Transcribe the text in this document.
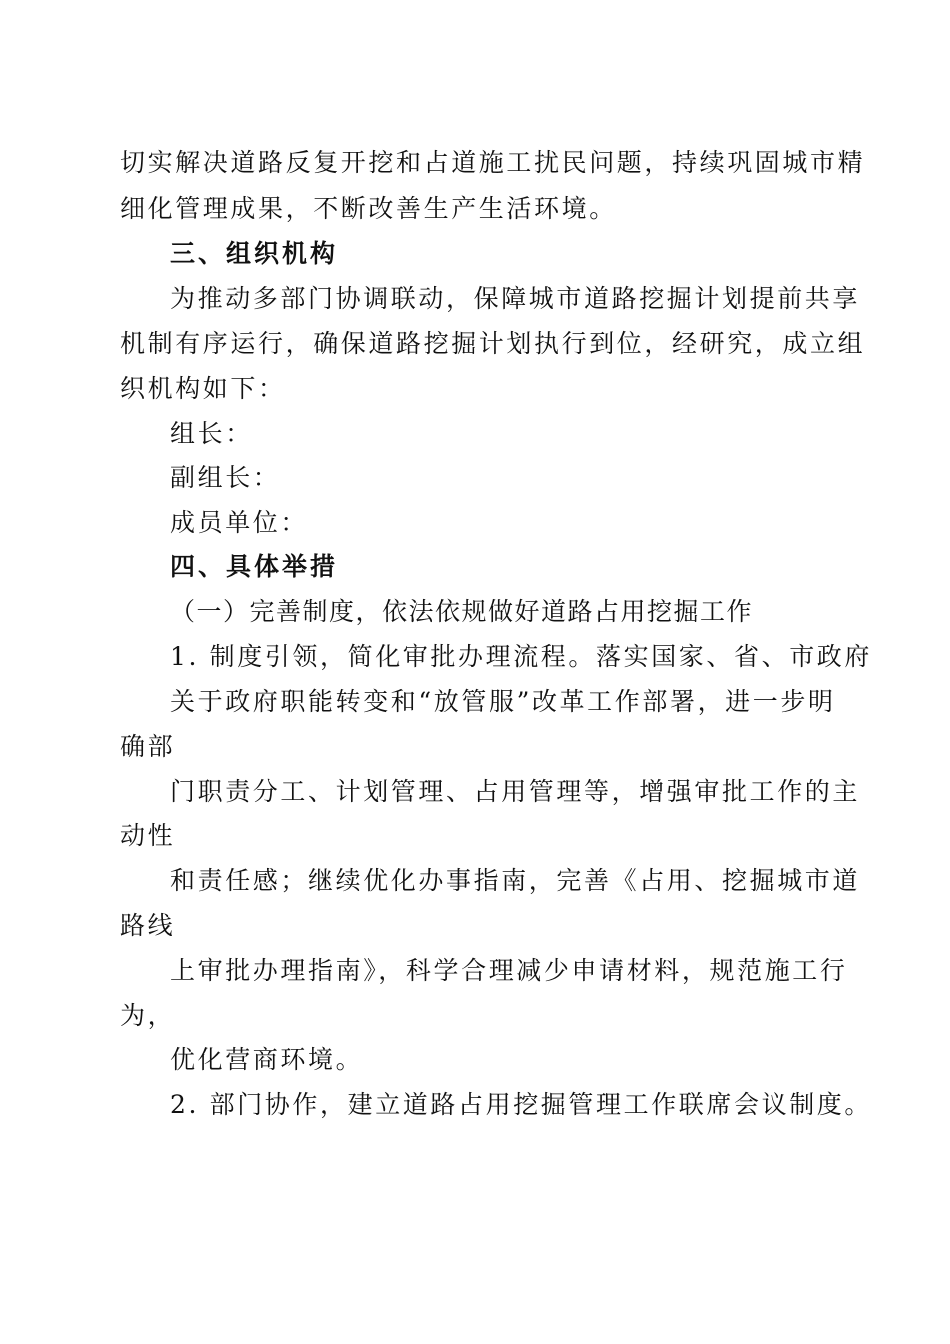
切实解决道路反复开挖和占道施工扰民问题，持续巩固城市精
细化管理成果，不断改善生产生活环境。
三、组织机构
为推动多部门协调联动，保障城市道路挖掘计划提前共享
机制有序运行，确保道路挖掘计划执行到位，经研究，成立组
织机构如下：
组长：
副组长：
成员单位：
四、具体举措
（一）完善制度，依法依规做好道路占用挖掘工作
1. 制度引领，简化审批办理流程。落实国家、省、市政府
关于政府职能转变和“放管服”改革工作部署，进一步明
确部
门职责分工、计划管理、占用管理等，增强审批工作的主
动性
和责任感；继续优化办事指南，完善《占用、挖掘城市道
路线
上审批办理指南》，科学合理减少申请材料，规范施工行
为，
优化营商环境。
2. 部门协作，建立道路占用挖掘管理工作联席会议制度。
